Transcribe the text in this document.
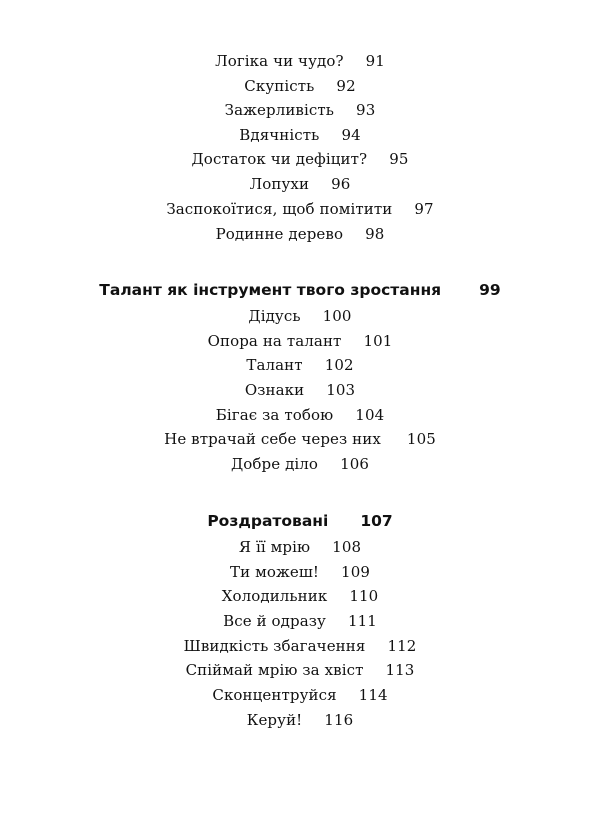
Логіка чи чудо? 91
Скупість 92
Зажерливість 93
Вдячність 94
Достаток чи дефіцит? 95
Лопухи 96
Заспокоїтися, щоб помітити 97
Родинне дерево 98
Талант як інструмент твого зростання 99
Дідусь 100
Опора на талант 101
Талант 102
Ознаки 103
Бігає за тобою 104
Не втрачай себе через них 105
Добре діло 106
Роздратовані 107
Я її мрію 108
Ти можеш! 109
Холодильник 110
Все й одразу 111
Швидкість збагачення 112
Спіймай мрію за хвіст 113
Сконцентруйся 114
Керуй! 116
